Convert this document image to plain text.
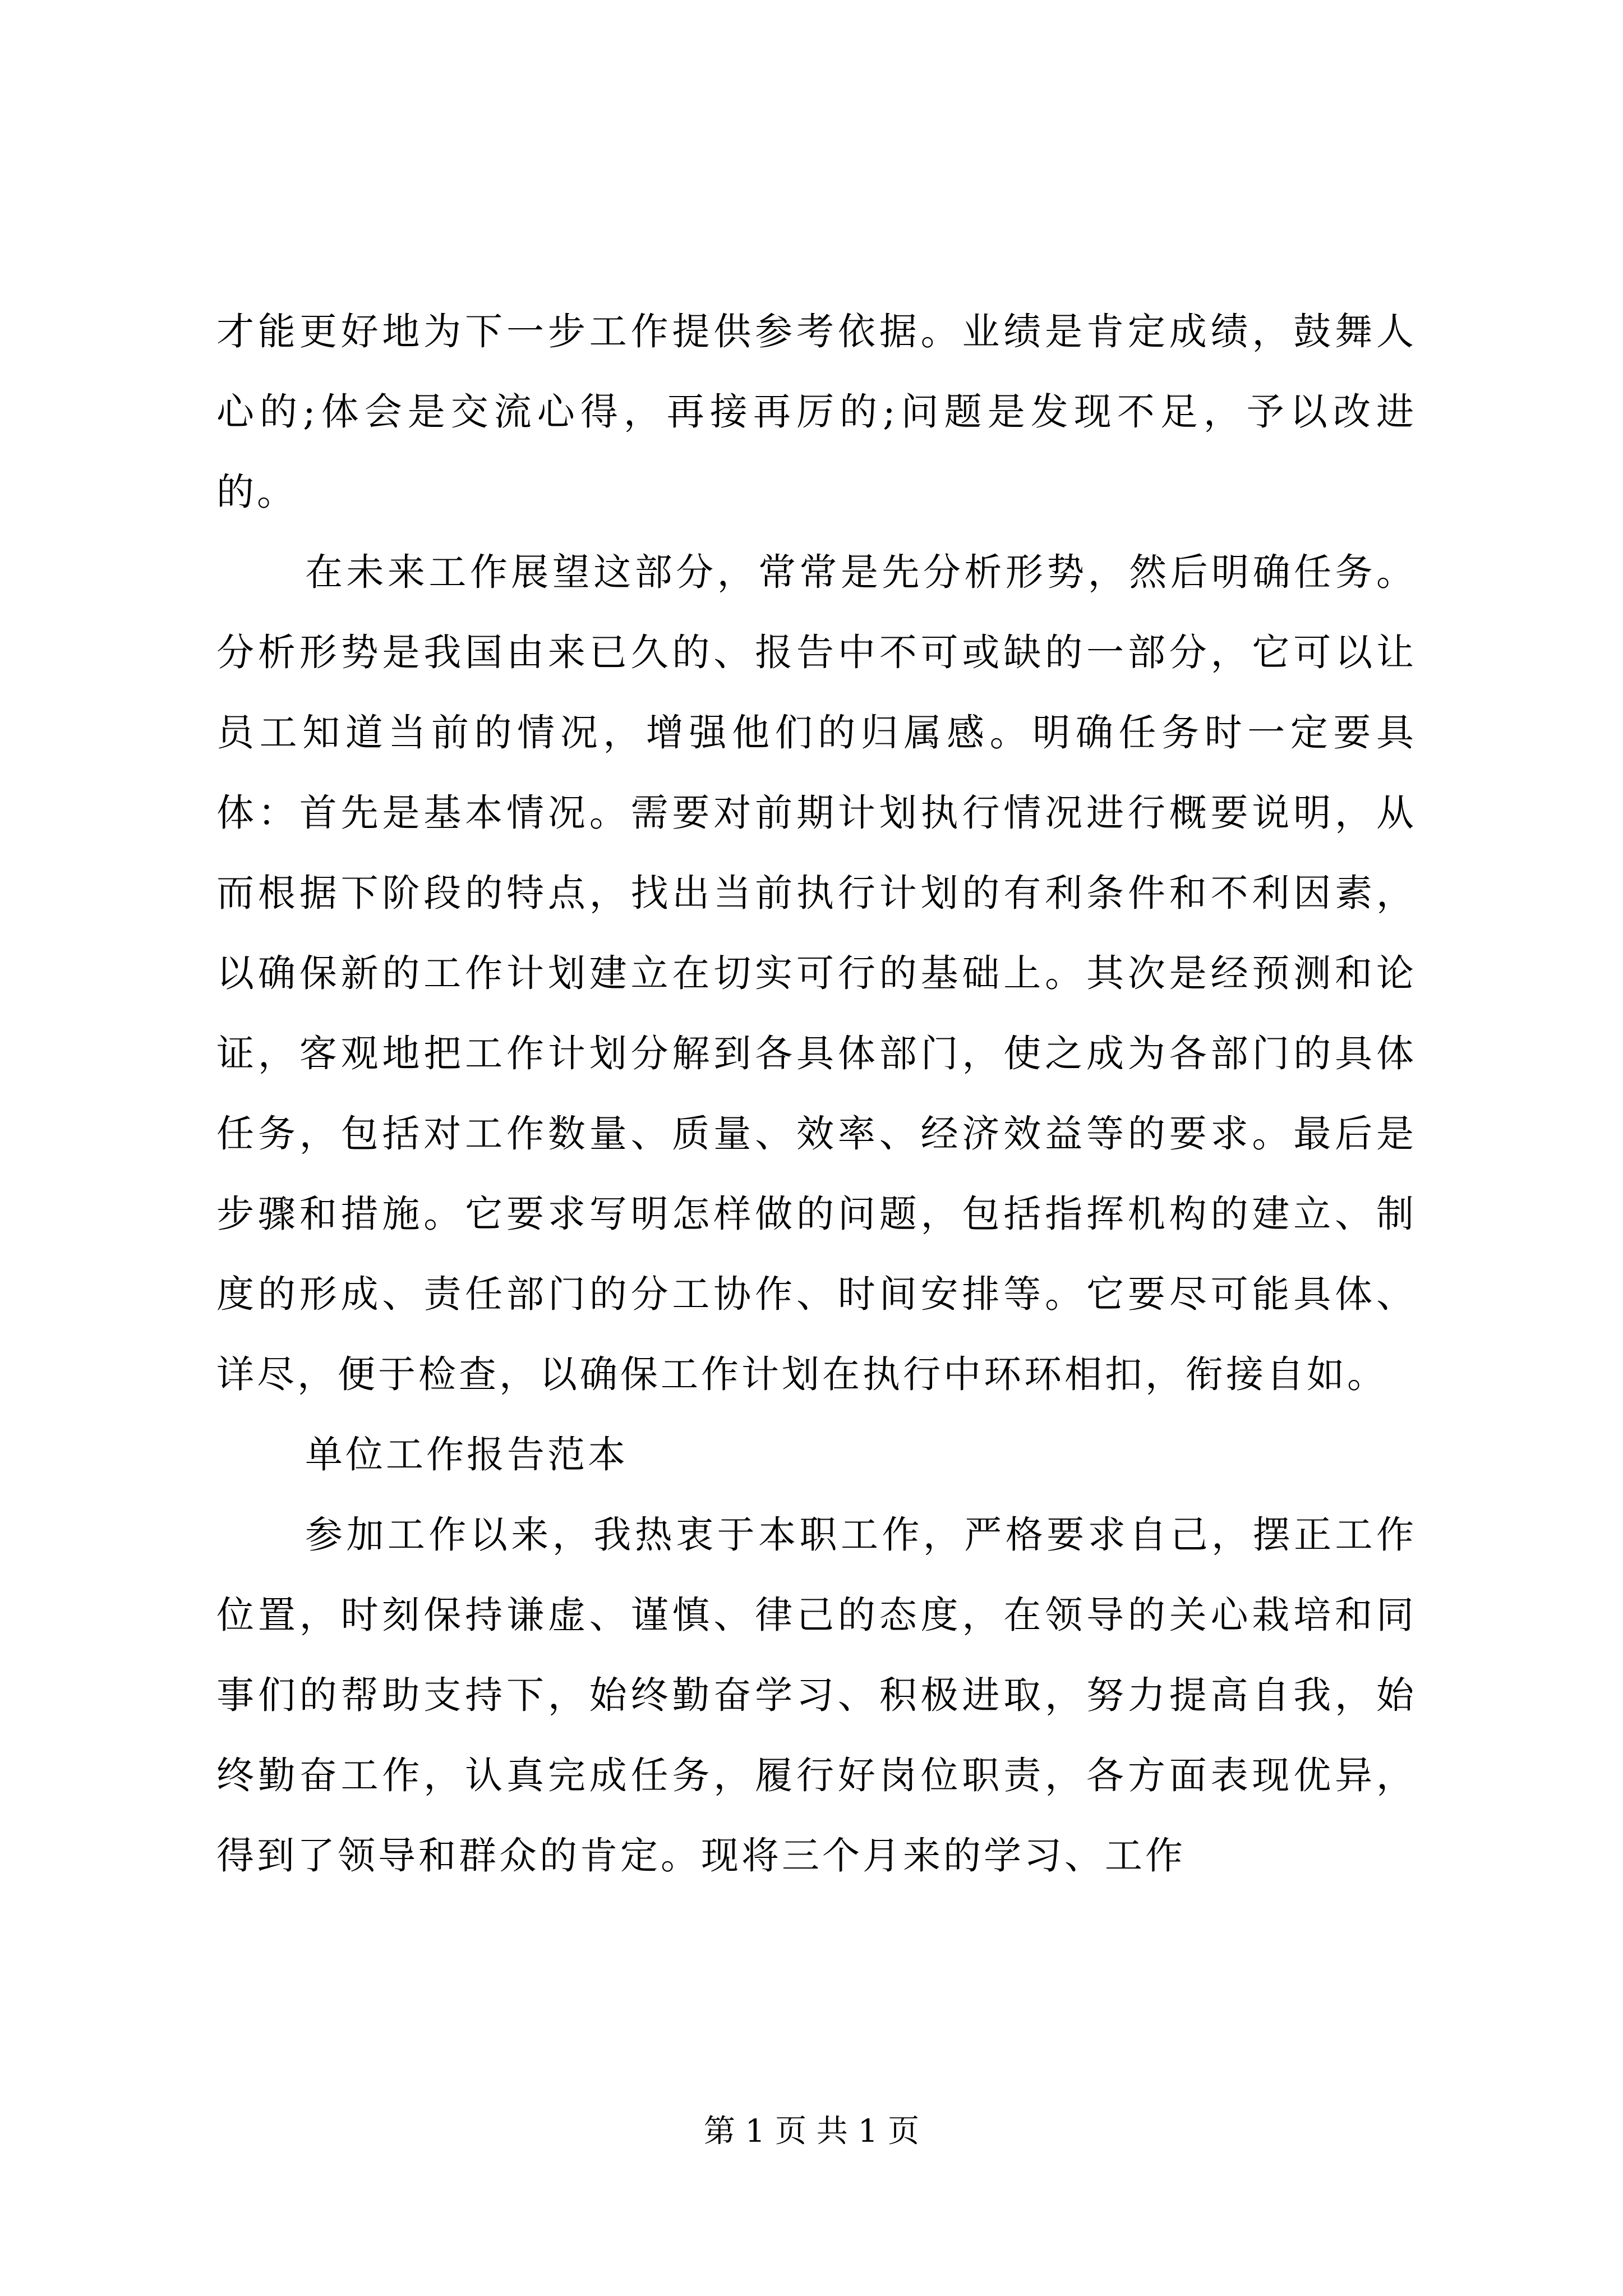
才能更好地为下一步工作提供参考依据。业绩是肯定成绩，鼓舞人心的;体会是交流心得，再接再厉的;问题是发现不足，予以改进的。

在未来工作展望这部分，常常是先分析形势，然后明确任务。分析形势是我国由来已久的、报告中不可或缺的一部分，它可以让员工知道当前的情况，增强他们的归属感。明确任务时一定要具体：首先是基本情况。需要对前期计划执行情况进行概要说明，从而根据下阶段的特点，找出当前执行计划的有利条件和不利因素，以确保新的工作计划建立在切实可行的基础上。其次是经预测和论证，客观地把工作计划分解到各具体部门，使之成为各部门的具体任务，包括对工作数量、质量、效率、经济效益等的要求。最后是步骤和措施。它要求写明怎样做的问题，包括指挥机构的建立、制度的形成、责任部门的分工协作、时间安排等。它要尽可能具体、详尽，便于检查，以确保工作计划在执行中环环相扣，衔接自如。

单位工作报告范本

参加工作以来，我热衷于本职工作，严格要求自己，摆正工作位置，时刻保持谦虚、谨慎、律己的态度，在领导的关心栽培和同事们的帮助支持下，始终勤奋学习、积极进取，努力提高自我，始终勤奋工作，认真完成任务，履行好岗位职责，各方面表现优异，得到了领导和群众的肯定。现将三个月来的学习、工作

第 1 页 共 1 页
